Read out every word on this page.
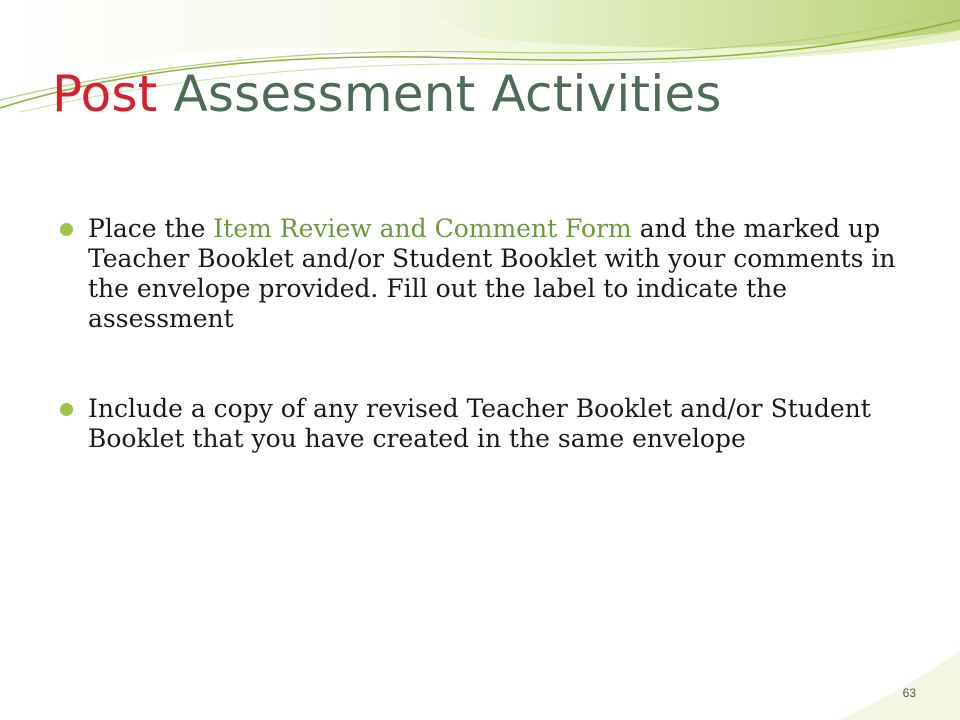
Post Assessment Activities
Place the Item Review and Comment Form and the marked up Teacher Booklet and/or Student Booklet with your comments in the envelope provided. Fill out the label to indicate the assessment
Include a copy of any revised Teacher Booklet and/or Student Booklet that you have created in the same envelope
63
